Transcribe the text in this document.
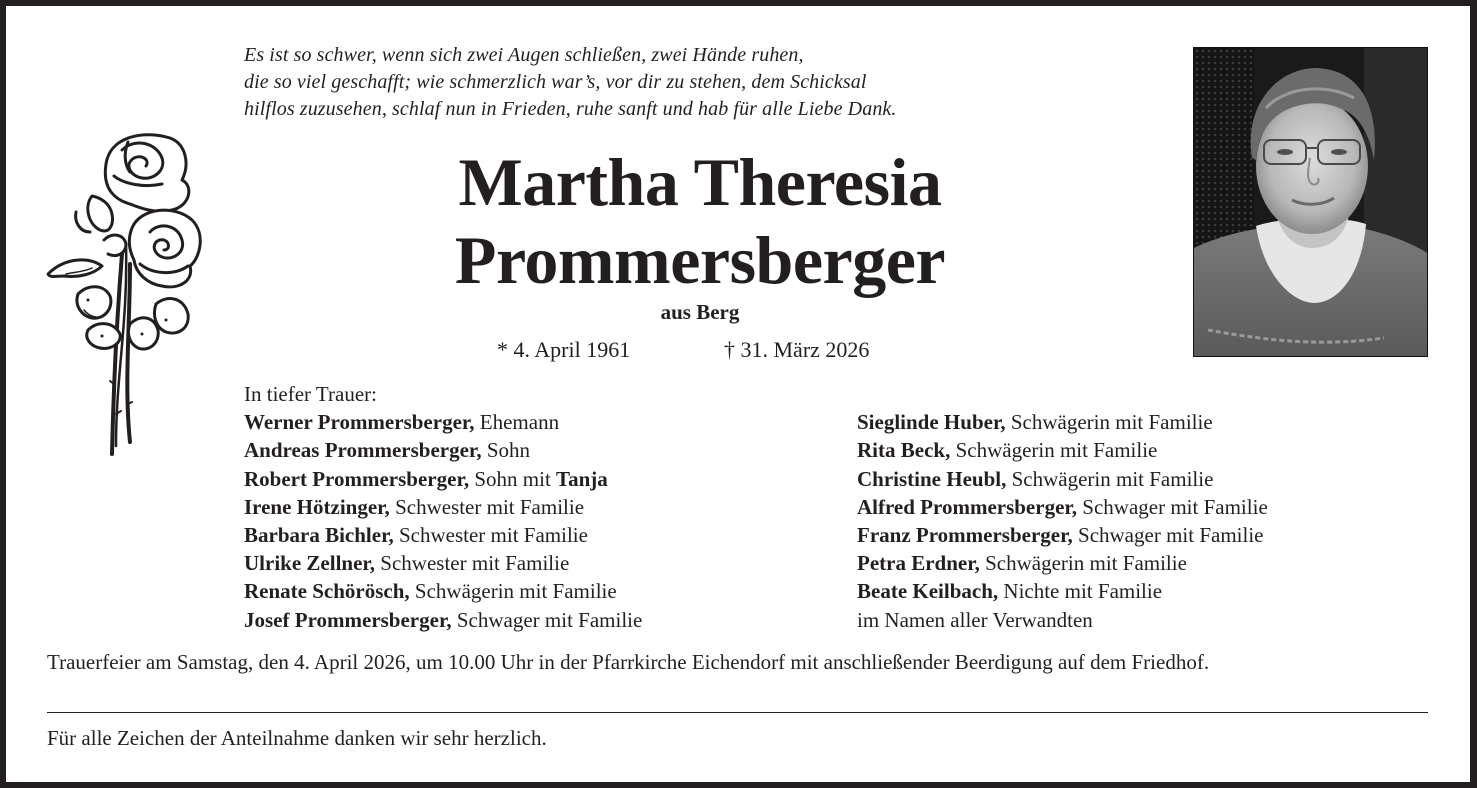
Es ist so schwer, wenn sich zwei Augen schließen, zwei Hände ruhen,
die so viel geschafft; wie schmerzlich war’s, vor dir zu stehen, dem Schicksal
hilflos zuzusehen, schlaf nun in Frieden, ruhe sanft und hab für alle Liebe Dank.
Martha Theresia
Prommersberger
aus Berg
* 4. April 1961	† 31. März 2026
In tiefer Trauer:
Werner Prommersberger, Ehemann
Andreas Prommersberger, Sohn
Robert Prommersberger, Sohn mit Tanja
Irene Hötzinger, Schwester mit Familie
Barbara Bichler, Schwester mit Familie
Ulrike Zellner, Schwester mit Familie
Renate Schörösch, Schwägerin mit Familie
Josef Prommersberger, Schwager mit Familie
Sieglinde Huber, Schwägerin mit Familie
Rita Beck, Schwägerin mit Familie
Christine Heubl, Schwägerin mit Familie
Alfred Prommersberger, Schwager mit Familie
Franz Prommersberger, Schwager mit Familie
Petra Erdner, Schwägerin mit Familie
Beate Keilbach, Nichte mit Familie
im Namen aller Verwandten
Trauerfeier am Samstag, den 4. April 2026, um 10.00 Uhr in der Pfarrkirche Eichendorf mit anschließender Beerdigung auf dem Friedhof.
Für alle Zeichen der Anteilnahme danken wir sehr herzlich.
